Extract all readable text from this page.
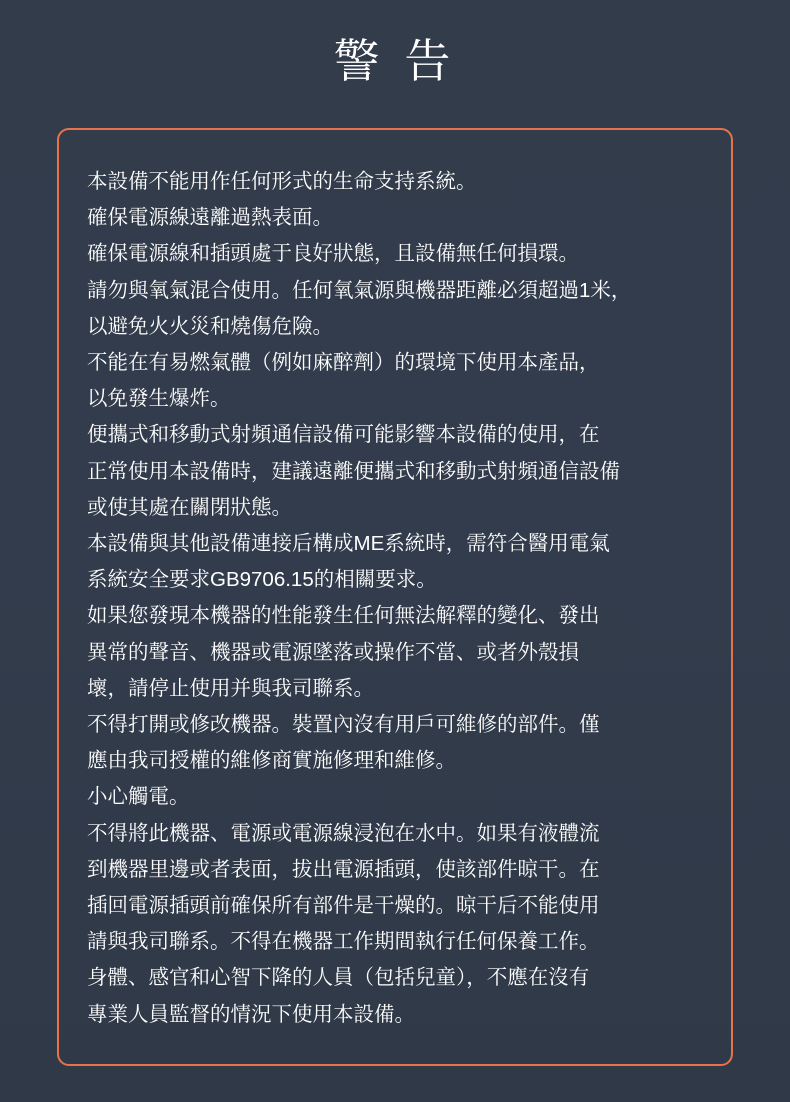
警 告
本設備不能用作任何形式的生命支持系統。
確保電源線遠離過熱表面。
確保電源線和插頭處于良好狀態，且設備無任何損環。
請勿與氧氣混合使用。任何氧氣源與機器距離必須超過1米，
以避免火火災和燒傷危險。
不能在有易燃氣體（例如麻醉劑）的環境下使用本產品，
以免發生爆炸。
便攜式和移動式射頻通信設備可能影響本設備的使用，在
正常使用本設備時，建議遠離便攜式和移動式射頻通信設備
或使其處在關閉狀態。
本設備與其他設備連接后構成ME系統時，需符合醫用電氣
系統安全要求GB9706.15的相關要求。
如果您發現本機器的性能發生任何無法解釋的變化、發出
異常的聲音、機器或電源墜落或操作不當、或者外殼損
壞，請停止使用并與我司聯系。
不得打開或修改機器。裝置內沒有用戶可維修的部件。僅
應由我司授權的維修商實施修理和維修。
小心觸電。
不得將此機器、電源或電源線浸泡在水中。如果有液體流
到機器里邊或者表面，拔出電源插頭，使該部件晾干。在
插回電源插頭前確保所有部件是干燥的。晾干后不能使用
請與我司聯系。不得在機器工作期間執行任何保養工作。
身體、感官和心智下降的人員（包括兒童），不應在沒有
專業人員監督的情況下使用本設備。
